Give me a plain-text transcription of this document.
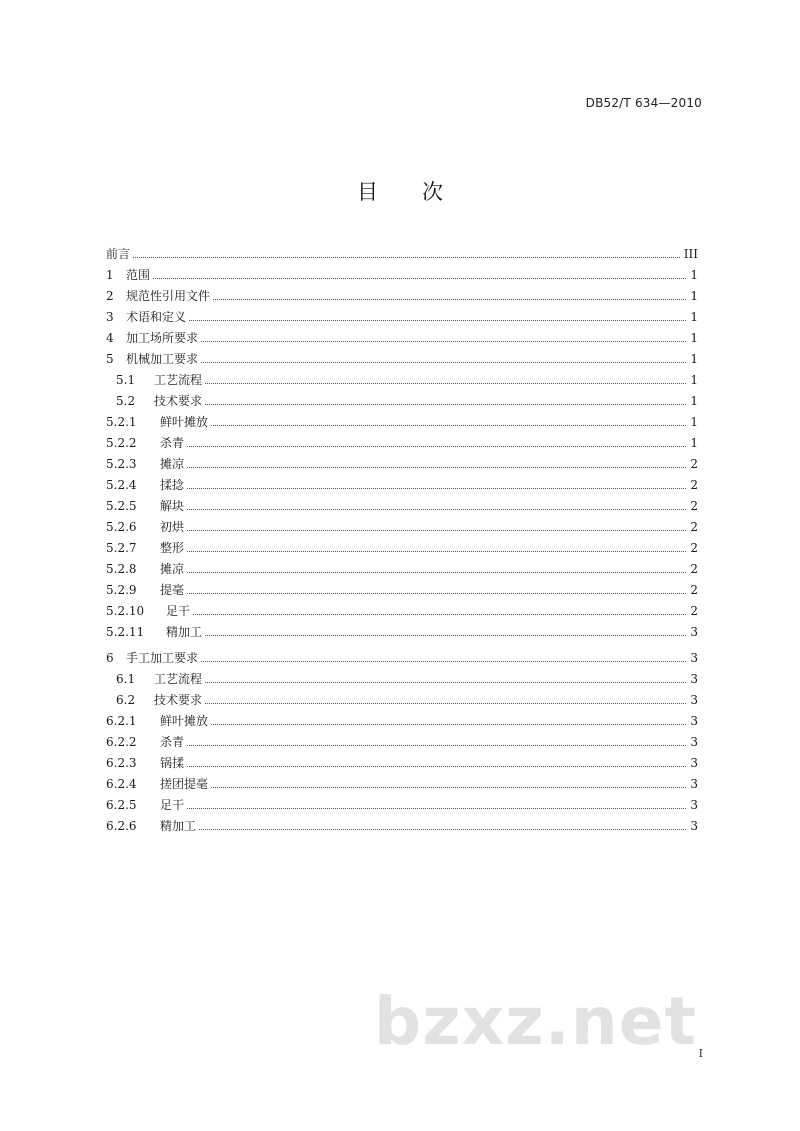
DB52/T 634—2010
目 次
前言	III
1	范围	1
2	规范性引用文件	1
3	术语和定义	1
4	加工场所要求	1
5	机械加工要求	1
5.1	工艺流程	1
5.2	技术要求	1
5.2.1	鲜叶摊放	1
5.2.2	杀青	1
5.2.3	摊凉	2
5.2.4	揉捻	2
5.2.5	解块	2
5.2.6	初烘	2
5.2.7	整形	2
5.2.8	摊凉	2
5.2.9	提毫	2
5.2.10	足干	2
5.2.11	精加工	3
6	手工加工要求	3
6.1	工艺流程	3
6.2	技术要求	3
6.2.1	鲜叶摊放	3
6.2.2	杀青	3
6.2.3	锅揉	3
6.2.4	搓团提毫	3
6.2.5	足干	3
6.2.6	精加工	3
bzxz.net I
